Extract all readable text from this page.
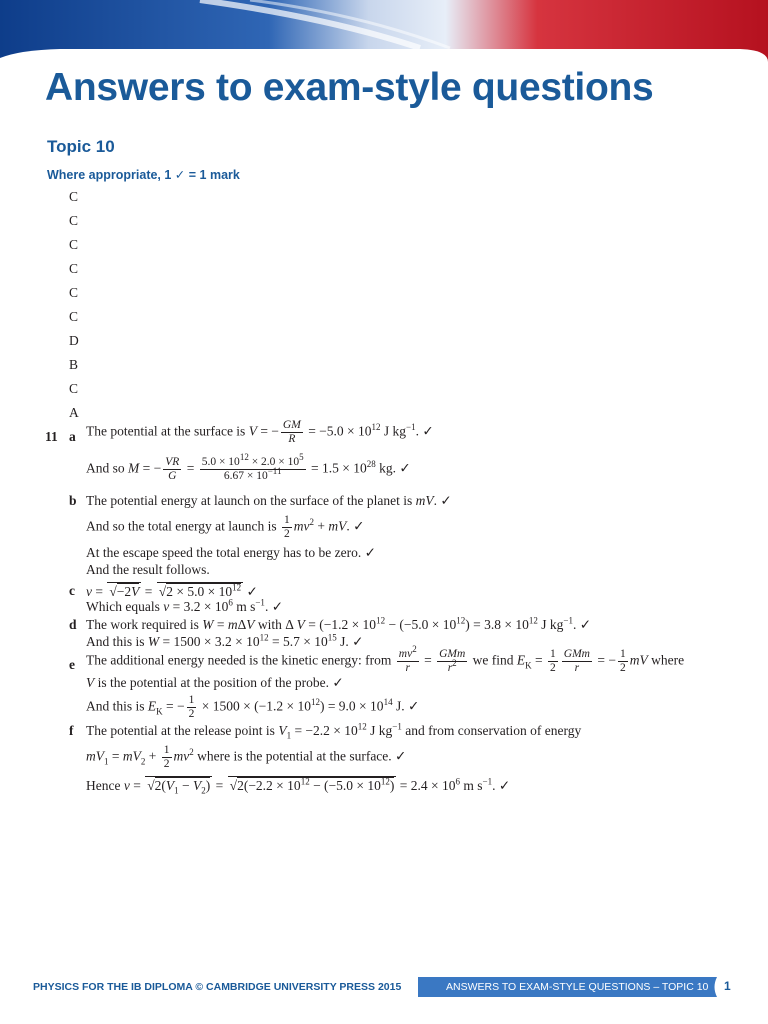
Answers to exam-style questions
Topic 10
Where appropriate, 1 ✓ = 1 mark
C
C
C
C
C
C
D
B
C
A
11 a The potential at the surface is V = − $\frac{GM}{R} = -5.0 \times 10^{12}$ J $kg^{-1}$. ✓
And so M = − $\frac{VR}{G} = \frac{5.0 \times 10^{12} \times 2.0 \times 10^5}{6.67 \times 10^{-11}} = 1.5 \times 10^{28}$ kg. ✓
b The potential energy at launch on the surface of the planet is mV. ✓
And so the total energy at launch is $\frac{1}{2} mv^2$ + mV. ✓
At the escape speed the total energy has to be zero. ✓
And the result follows.
c $v = √-2V = √2 \times 5.0 \times 10^{12}$ ✓
Which equals $v = 3.2 \times 10^6$ m $s^{-1}$. ✓
d The work required is W = mΔV with Δ $V = (-1.2 \times 10^{12} - (-5.0 \times 10^{12}) = 3.8 \times 10^{12}$ J $kg^{-1}$. ✓
And this is $W = 1500 \times 3.2 \times 10^{12} = 5.7 \times 10^{15}$ J. ✓
e The additional energy needed is the kinetic energy: from $\frac{mv^2}{r} = \frac{\text{GMm}}{r^2}$ we find $E_K = \frac{1}{2} \frac{\text{GMm}}{r}$ = − $\frac{1}{2}$ mV where
V is the potential at the position of the probe. ✓
And this is $E_K$ = − $\frac{1}{2} \times 1500 \times (-1.2 \times 10^{12}) = 9.0 \times 10^{14}$ J. ✓
f The potential at the release point is $V_1 = -2.2 \times 10^{12}$ J $kg^{-1}$ and from conservation of energy
$mV_1 = mV_2 + \frac{1}{2} mv^2$ where is the potential at the surface. ✓
Hence $v = √2(V_1 - V_2) = √2(-2.2 \times 10^{12} - (-5.0 \times 10^{12}) = 2.4 \times 10^6$ m $s^{-1}$. ✓
PHYSICS FOR THE IB DIPLOMA © CAMBRIDGE UNIVERSITY PRESS 2015	ANSWERS TO EXAM-STYLE QUESTIONS – TOPIC 10 1
